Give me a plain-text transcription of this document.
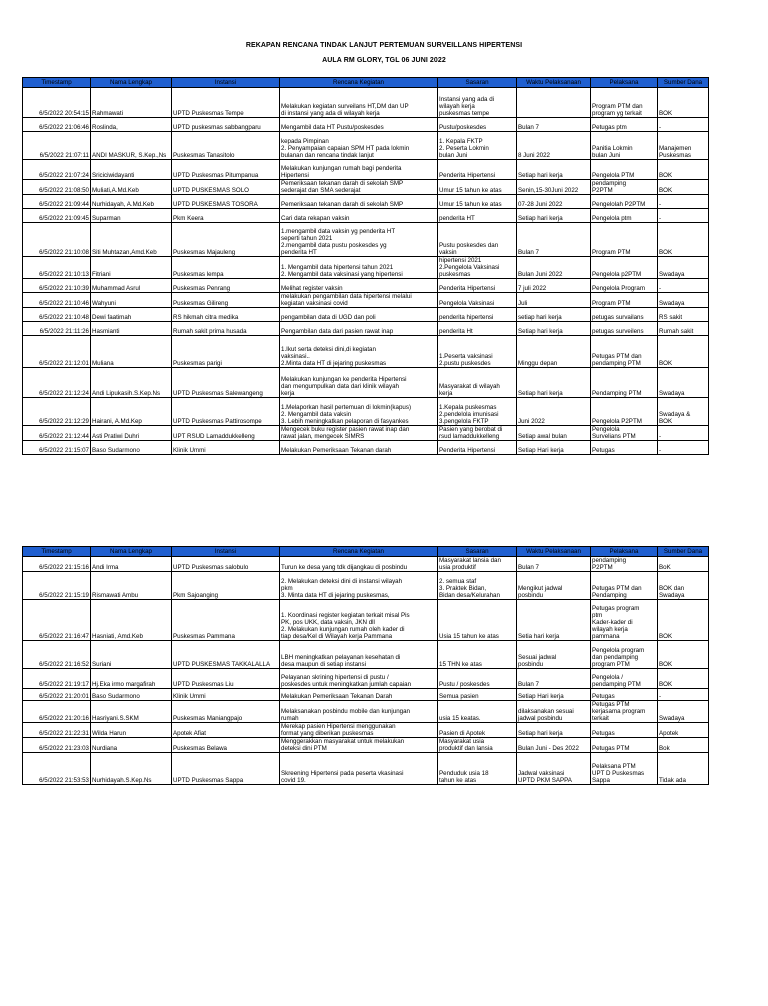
REKAPAN RENCANA TINDAK LANJUT PERTEMUAN SURVEILLANS HIPERTENSI
AULA RM GLORY, TGL 06 JUNI 2022
Timestamp	Nama Lengkap	Instansi	Rencana Kegiatan	Sasaran	Waktu Pelaksanaan	Pelaksana	Sumber Dana
6/5/2022 20:54:15	Rahmawati	UPTD Puskesmas Tempe	Melakukan kegiatan surveilans HT,DM dan UP
di instansi yang ada di wilayah kerja	Instansi yang ada di
wilayah kerja
puskesmas tempe		Program PTM dan
program yg terkait	BOK
6/5/2022 21:06:46	Roslinda,	UPTD puskesmas sabbangparu	Mengambil data HT Pustu/poskesdes	Pustu/poskesdes	Bulan 7	Petugas ptm	-
6/5/2022 21:07:11	ANDI MASKUR, S.Kep.,Ns	Puskesmas Tanasitolo	kepada Pimpinan
2. Penyampaian capaian SPM HT pada lokmin
bulanan dan rencana tindak lanjut	1. Kepala FKTP
2. Peserta Lokmin
bulan Juni	8 Juni 2022	Panitia Lokmin
bulan Juni	Manajemen
Puskesmas
6/5/2022 21:07:24	Sriciciwidayanti	UPTD Puskesmas Pitumpanua	Melakukan kunjungan rumah bagi penderita
Hipertensi	Penderita Hipertensi	Setiap hari kerja	Pengelola PTM	BOK
6/5/2022 21:08:50	Muliati,A.Md.Keb	UPTD PUSKESMAS SOLO	Pemeriksaan tekanan darah di sekolah SMP
sederajat dan SMA sederajat	Umur 15 tahun ke atas	Senin,15-30Juni 2022	pendamping
P2PTM	BOK
6/5/2022 21:09:44	Nurhidayah, A.Md.Keb	UPTD PUSKESMAS TOSORA	Pemeriksaan tekanan darah di sekolah SMP	Umur 15 tahun ke atas	07-28 Juni 2022	Pengelolah P2PTM	-
6/5/2022 21:09:45	Suparman	Pkm Keera	Cari data rekapan vaksin	penderita HT	Setiap hari kerja	Pengelola ptm	-
6/5/2022 21:10:08	Siti Muhtazan,Amd.Keb	Puskesmas Majauleng	1.mengambil data vaksin yg penderita HT
seperti tahun 2021
2.mengambil data pustu poskesdes yg
penderita HT	Pustu poskesdes dan
vaksin	Bulan 7	Program PTM	BOK
6/5/2022 21:10:13	Fitriani	Puskesmas lempa	1. Mengambil data hipertensi tahun 2021
2. Mengambil data vaksinasi yang hipertensi	hipertensi 2021
2.Pengelola Vaksinasi
puskesmas	Bulan Juni 2022	Pengelola p2PTM	Swadaya
6/5/2022 21:10:39	Muhammad Asrul	Puskesmas Penrang	Melihat register vaksin	Penderita Hipertensi	7 juli 2022	Pengelola Program	-
6/5/2022 21:10:46	Wahyuni	Puskesmas Gilireng	melakukan pengambilan data hipertensi melalui
kegiatan vaksinasi covid	Pengelola Vaksinasi	Juli	Program PTM	Swadaya
6/5/2022 21:10:48	Dewi faatimah	RS hikmah citra medika	pengambilan data di UGD dan poli	penderita hipertensi	setiap hari kerja	petugas survailans	RS sakit
6/5/2022 21:11:26	Hasmianti	Rumah sakit prima husada	Pengambilan data dari pasien rawat inap	penderita Ht	Setiap hari kerja	petugas surveilens	Rumah sakit
6/5/2022 21:12:01	Muliana	Puskesmas parigi	1.Ikut serta deteksi dini,di kegiatan
vaksinasi..
2.Minta data HT di jejaring puskesmas	1.Peserta vaksinasi
2.pustu puskesdes	Minggu depan	Petugas PTM dan
pendamping PTM	BOK
6/5/2022 21:12:24	Andi Lipukasih.S.Kep.Ns	UPTD Puskesmas Salewangeng	Melakukan kunjungan ke penderita Hipertensi
dan mengumpulkan data dari klinik wilayah
kerja	Masyarakat di wilayah
kerja	Setiap hari kerja	Pendamping PTM	Swadaya
6/5/2022 21:12:29	Hairani, A.Md.Kep	UPTD Puskesmas Pattirosompe	1.Melaporkan hasil pertemuan di lokmin(kapus)
2. Mengambil data vaksin
3. Lebih meningkatkan pelaporan di fasyankes	1.Kepala puskesmas
2.pendelola imunisasi
3.pengelola FKTP	Juni 2022	Pengelola P2PTM	Swadaya &
BOK
6/5/2022 21:12:44	Asti Pratiwi Duhri	UPT RSUD Lamaddukkelleng	Mengecek buku register pasien rawat inap dan
rawat jalan, mengecek SIMRS	Pasien yang berobat di
rsud lamaddukkelleng	Setiap awal bulan	Pengelola
Survelians PTM	-
6/5/2022 21:15:07	Baso Sudarmono	Klinik Ummi	Melakukan Pemeriksaan Tekanan darah	Penderita Hipertensi	Setiap Hari kerja	Petugas	-
Timestamp	Nama Lengkap	Instansi	Rencana Kegiatan	Sasaran	Waktu Pelaksanaan	Pelaksana	Sumber Dana
6/5/2022 21:15:16	Andi Irma	UPTD Puskesmas salobulo	Turun ke desa yang tdk dijangkau di posbindu	Masyarakat lansia dan
usia produktif	Bulan 7	pendamping
P2PTM	BoK
6/5/2022 21:15:19	Rismawati Ambu	Pkm Sajoanging	2. Melakukan deteksi dini di instansi wilayah
pkm
3. Minta data HT di jejaring puskesmas,	2. semua staf
3. Praktek Bidan,
Bidan desa/Kelurahan	Mengikut jadwal
posbindu	Petugas PTM dan
Pendamping	BOK dan
Swadaya
6/5/2022 21:16:47	Hasniati, Amd.Keb	Puskesmas Pammana	1. Koordinasi register kegiatan terkait misal Pis
PK, pos UKK, data vaksin, JKN dll
2. Melakukan kunjungan rumah oleh kader di
tiap desa/Kel di Wilayah kerja Pammana	Usia 15 tahun ke atas	Setia hari kerja	Petugas program
ptm
Kader-kader di
wilayah kerja
pammana	BOK
6/5/2022 21:16:52	Suriani	UPTD PUSKESMAS TAKKALALLA	LBH meningkatkan pelayanan kesehatan di
desa maupun di setiap instansi	15 THN ke atas	Sesuai jadwal
posbindu	Pengelola program
dan pendamping
program PTM	BOK
6/5/2022 21:19:17	Hj.Eka irmo margafirah	UPTD Puskesmas Liu	Pelayanan skrining hipertensi di pustu /
poskesdes untuk meningkatkan jumlah capaian	Pustu / poskesdes	Bulan 7	Pengelola /
pendamping PTM	BOK
6/5/2022 21:20:01	Baso Sudarmono	Klinik Ummi	Melakukan Pemeriksaan Tekanan Darah	Semua pasien	Setiap Hari kerja	Petugas	-
6/5/2022 21:20:16	Hasriyani.S.SKM	Puskesmas Maniangpajo	Melaksanakan posbindu mobile dan kunjungan
rumah	usia 15 keatas.	dilaksanakan sesuai
jadwal posbindu	Petugas PTM
kerjasama program
terkait	Swadaya
6/5/2022 21:22:31	Wilda Harun	Apotek Afiat	Merekap pasien Hipertensi menggunakan
format yang diberikan puskesmas	Pasien di Apotek	Setiap hari kerja	Petugas	Apotek
6/5/2022 21:23:03	Nurdiana	Puskesmas Belawa	Menggerakkan masyarakat untuk melakukan
deteksi dini PTM	Masyarakat usia
produktif dan lansia	Bulan Juni - Des 2022	Petugas PTM	Bok
6/5/2022 21:53:53	Nurhidayah.S.Kep.Ns	UPTD Puskesmas Sappa	Skreening Hipertensi pada peserta vkasinasi
covid 19.	Penduduk usia 18
tahun ke atas	Jadwal vaksinasi
UPTD PKM SAPPA	Pelaksana PTM
UPT D Puskesmas
Sappa	Tidak ada
